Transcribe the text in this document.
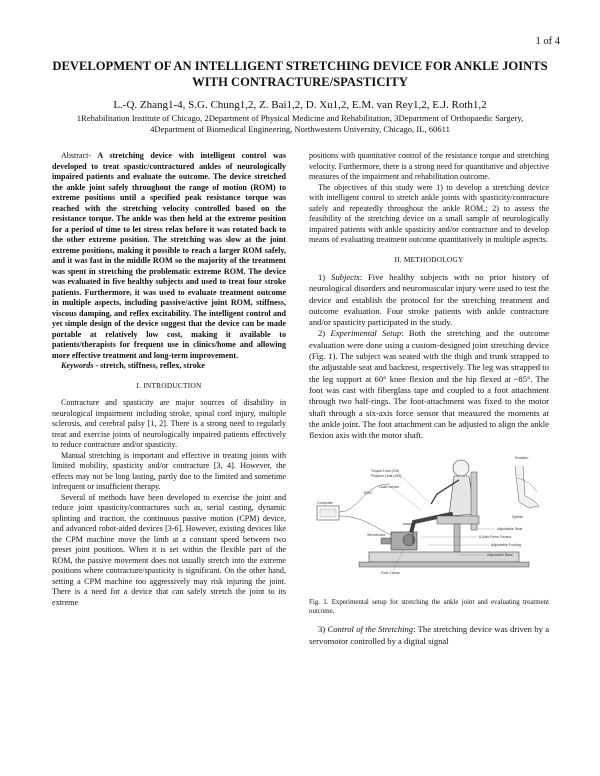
1 of 4
DEVELOPMENT OF AN INTELLIGENT STRETCHING DEVICE FOR ANKLE JOINTS WITH CONTRACTURE/SPASTICITY
L.-Q. Zhang1-4, S.G. Chung1,2, Z. Bai1,2, D. Xu1,2, E.M. van Rey1,2, E.J. Roth1,2
1Rehabilitation Institute of Chicago, 2Department of Physical Medicine and Rehabilitation, 3Department of Orthopaedic Sargery, 4Department of Biomedical Engineering, Northwestern University, Chicago, IL, 60611

Abstract- A stretching device with intelligent control was developed to treat spastic/contractured ankles of neurologically impaired patients and evaluate the outcome. The device stretched the ankle joint safely throughout the range of motion (ROM) to extreme positions until a specified peak resistance torque was reached with the stretching velocity controlled based on the resistance torque. The ankle was then held at the extreme position for a period of time to let stress relax before it was rotated back to the other extreme position. The stretching was slow at the joint extreme positions, making it possible to reach a larger ROM safely, and it was fast in the middle ROM so the majority of the treatment was spent in stretching the problematic extreme ROM. The device was evaluated in five healthy subjects and used to treat four stroke patients. Furthermore, it was used to evaluate treatment outcome in multiple aspects, including passive/active joint ROM, stiffness, viscous damping, and reflex excitability. The intelligent control and yet simple design of the device suggest that the device can be made portable at relatively low cost, making it available to patients/therapists for frequent use in clinics/home and allowing more effective treatment and long-term improvement.

Keywords - stretch, stiffness, reflex, stroke

I. INTRODUCTION

Contracture and spasticity are major sources of disability in neurological impairment including stroke, spinal cord injury, multiple sclerosis, and cerebral palsy [1, 2]. There is a strong need to regularly treat and exercise joints of neurologically impaired patients effectively to reduce contracture and/or spasticity.

Manual stretching is important and effective in treating joints with limited mobility, spasticity and/or contracture [3, 4]. However, the effects may not be long lasting, partly due to the limited and sometime infrequent or insufficient therapy.

Several of methods have been developed to exercise the joint and reduce joint spasticity/contractures such as, serial casting, dynamic splinting and traction, the continuous passive motion (CPM) device, and advanced robot-aided devices [3-6]. However, existing devices like the CPM machine move the limb at a constant speed between two preset joint positions. When it is set within the flexible part of the ROM, the passive movement does not usually stretch into the extreme positions where contracture/spasticity is significant. On the other hand, setting a CPM machine too aggressively may risk injuring the joint. There is a need for a device that can safely stretch the joint to its extreme

positions with quantitative control of the resistance torque and stretching velocity. Furthermore, there is a strong need for quantitative and objective measures of the impairment and rehabilitation outcome.

The objectives of this study were 1) to develop a stretching device with intelligent control to stretch ankle joints with spasticity/contracture safely and repeatedly throughout the ankle ROM.; 2) to assess the feasibility of the stretching device on a small sample of neurologically impaired patients with ankle spasticity and/or contracture and to develop means of evaluating treatment outcome quantitatively in multiple aspects.

II. METHODOLOGY

1) Subjects: Five healthy subjects with no prior history of neurological disorders and neuromuscular injury were used to test the device and establish the protocol for the stretching treatment and outcome evaluation. Four stroke patients with ankle contracture and/or spasticity participated in the study.

2) Experimental Setup: Both the stretching and the outcome evaluation were done using a custom-designed joint stretching device (Fig. 1). The subject was seated with the thigh and trunk strapped to the adjustable seat and backrest, respectively. The leg was strapped to the leg support at 60° knee flexion and the hip flexed at ~85°. The foot was cast with fiberglass tape and coupled to a foot attachment through two half-rings. The foot-attachment was fixed to the motor shaft through a six-axis force sensor that measured the moments at the ankle joint. The foot attachment can be adjusted to align the ankle flexion axis with the motor shaft.

Computer
Torque Limit (ON)
Position Limit (ON)
EMG
Load Sensor
Servomotor
Foot Clamp
Adjustable Seat
6-Axis Force Sensor
Adjustable Footing
Adjustable Base
Rotation
Splints

Fig. 1. Experimental setup for stretching the ankle joint and evaluating treatment outcome.

3) Control of the Stretching: The stretching device was driven by a servomotor controlled by a digital signal
